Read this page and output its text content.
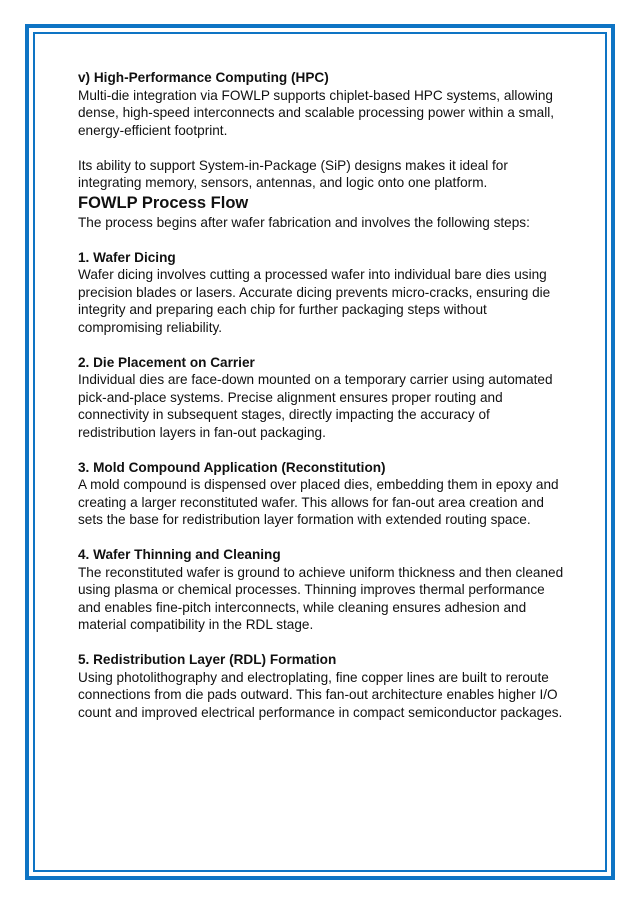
v) High-Performance Computing (HPC)
Multi-die integration via FOWLP supports chiplet-based HPC systems, allowing dense, high-speed interconnects and scalable processing power within a small, energy-efficient footprint.

Its ability to support System-in-Package (SiP) designs makes it ideal for integrating memory, sensors, antennas, and logic onto one platform.

FOWLP Process Flow

The process begins after wafer fabrication and involves the following steps:

1. Wafer Dicing
Wafer dicing involves cutting a processed wafer into individual bare dies using precision blades or lasers. Accurate dicing prevents micro-cracks, ensuring die integrity and preparing each chip for further packaging steps without compromising reliability.
2. Die Placement on Carrier
Individual dies are face-down mounted on a temporary carrier using automated pick-and-place systems. Precise alignment ensures proper routing and connectivity in subsequent stages, directly impacting the accuracy of redistribution layers in fan-out packaging.
3. Mold Compound Application (Reconstitution)
A mold compound is dispensed over placed dies, embedding them in epoxy and creating a larger reconstituted wafer. This allows for fan-out area creation and sets the base for redistribution layer formation with extended routing space.
4. Wafer Thinning and Cleaning
The reconstituted wafer is ground to achieve uniform thickness and then cleaned using plasma or chemical processes. Thinning improves thermal performance and enables fine-pitch interconnects, while cleaning ensures adhesion and material compatibility in the RDL stage.
5. Redistribution Layer (RDL) Formation
Using photolithography and electroplating, fine copper lines are built to reroute connections from die pads outward. This fan-out architecture enables higher I/O count and improved electrical performance in compact semiconductor packages.
